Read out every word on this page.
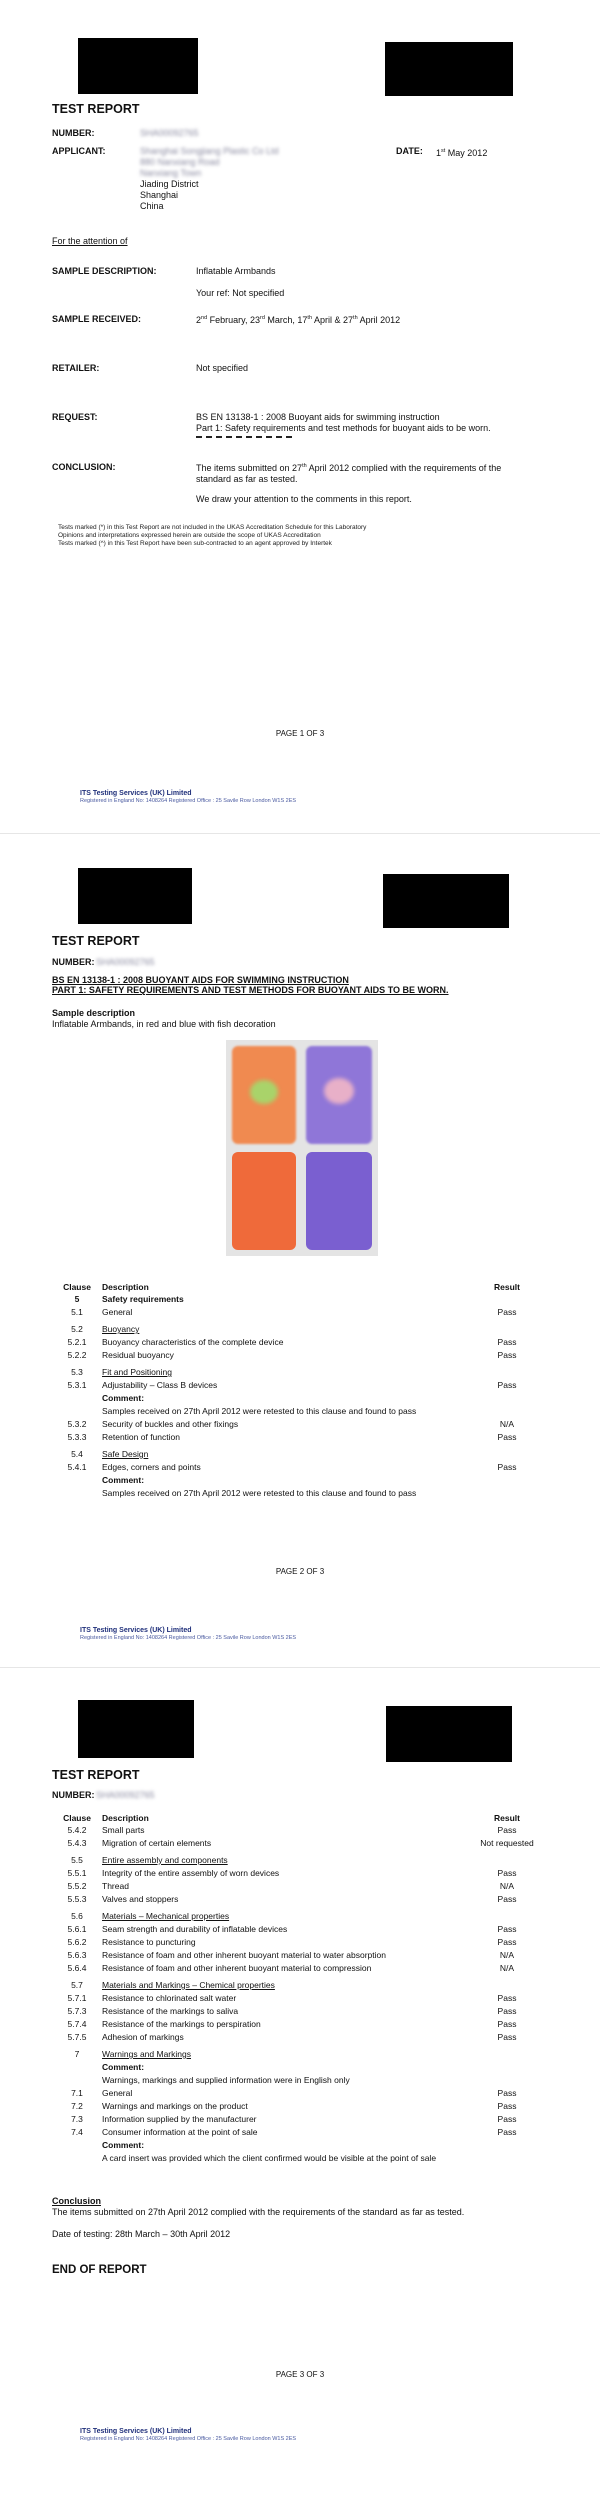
TEST REPORT
NUMBER:	SHA00092765
APPLICANT:	Shanghai Songjiang Plastic Co Ltd
880 Nanxiang Road
Nanxiang Town
Jiading District
Shanghai
China
DATE: 1st May 2012
For the attention of
SAMPLE DESCRIPTION:	Inflatable Armbands
Your ref: Not specified
SAMPLE RECEIVED:	2nd February, 23rd March, 17th April & 27th April 2012
RETAILER:	Not specified
REQUEST:	BS EN 13138-1 : 2008 Buoyant aids for swimming instruction
Part 1: Safety requirements and test methods for buoyant aids to be worn.
CONCLUSION:	The items submitted on 27th April 2012 complied with the requirements of the
standard as far as tested.
We draw your attention to the comments in this report.
Tests marked (*) in this Test Report are not included in the UKAS Accreditation Schedule for this Laboratory
Opinions and interpretations expressed herein are outside the scope of UKAS Accreditation
Tests marked (^) in this Test Report have been sub-contracted to an agent approved by Intertek
PAGE 1 OF 3
ITS Testing Services (UK) Limited
Registered in England No: 1408264 Registered Office : 25 Savile Row London W1S 2ES
TEST REPORT
NUMBER: SHA00092765
BS EN 13138-1 : 2008 BUOYANT AIDS FOR SWIMMING INSTRUCTION
PART 1: SAFETY REQUIREMENTS AND TEST METHODS FOR BUOYANT AIDS TO BE WORN.
Sample description
Inflatable Armbands, in red and blue with fish decoration
Clause	Description	Result
5	Safety requirements	
5.1	General	Pass
5.2	Buoyancy	
5.2.1	Buoyancy characteristics of the complete device	Pass
5.2.2	Residual buoyancy	Pass
5.3	Fit and Positioning	
5.3.1	Adjustability – Class B devices	Pass
	Comment:	
	Samples received on 27th April 2012 were retested to this clause and found to pass	
5.3.2	Security of buckles and other fixings	N/A
5.3.3	Retention of function	Pass
5.4	Safe Design	
5.4.1	Edges, corners and points	Pass
	Comment:	
	Samples received on 27th April 2012 were retested to this clause and found to pass	
PAGE 2 OF 3
ITS Testing Services (UK) Limited
Registered in England No: 1408264 Registered Office : 25 Savile Row London W1S 2ES
TEST REPORT
NUMBER: SHA00092765
Clause	Description	Result
5.4.2	Small parts	Pass
5.4.3	Migration of certain elements	Not requested
5.5	Entire assembly and components	
5.5.1	Integrity of the entire assembly of worn devices	Pass
5.5.2	Thread	N/A
5.5.3	Valves and stoppers	Pass
5.6	Materials – Mechanical properties	
5.6.1	Seam strength and durability of inflatable devices	Pass
5.6.2	Resistance to puncturing	Pass
5.6.3	Resistance of foam and other inherent buoyant material to water absorption	N/A
5.6.4	Resistance of foam and other inherent buoyant material to compression	N/A
5.7	Materials and Markings – Chemical properties	
5.7.1	Resistance to chlorinated salt water	Pass
5.7.3	Resistance of the markings to saliva	Pass
5.7.4	Resistance of the markings to perspiration	Pass
5.7.5	Adhesion of markings	Pass
7	Warnings and Markings	
	Comment:	
	Warnings, markings and supplied information were in English only	
7.1	General	Pass
7.2	Warnings and markings on the product	Pass
7.3	Information supplied by the manufacturer	Pass
7.4	Consumer information at the point of sale	Pass
	Comment:	
	A card insert was provided which the client confirmed would be visible at the point of sale	
Conclusion
The items submitted on 27th April 2012 complied with the requirements of the standard as far as tested.
Date of testing: 28th March – 30th April 2012
END OF REPORT
PAGE 3 OF 3
ITS Testing Services (UK) Limited
Registered in England No: 1408264 Registered Office : 25 Savile Row London W1S 2ES
